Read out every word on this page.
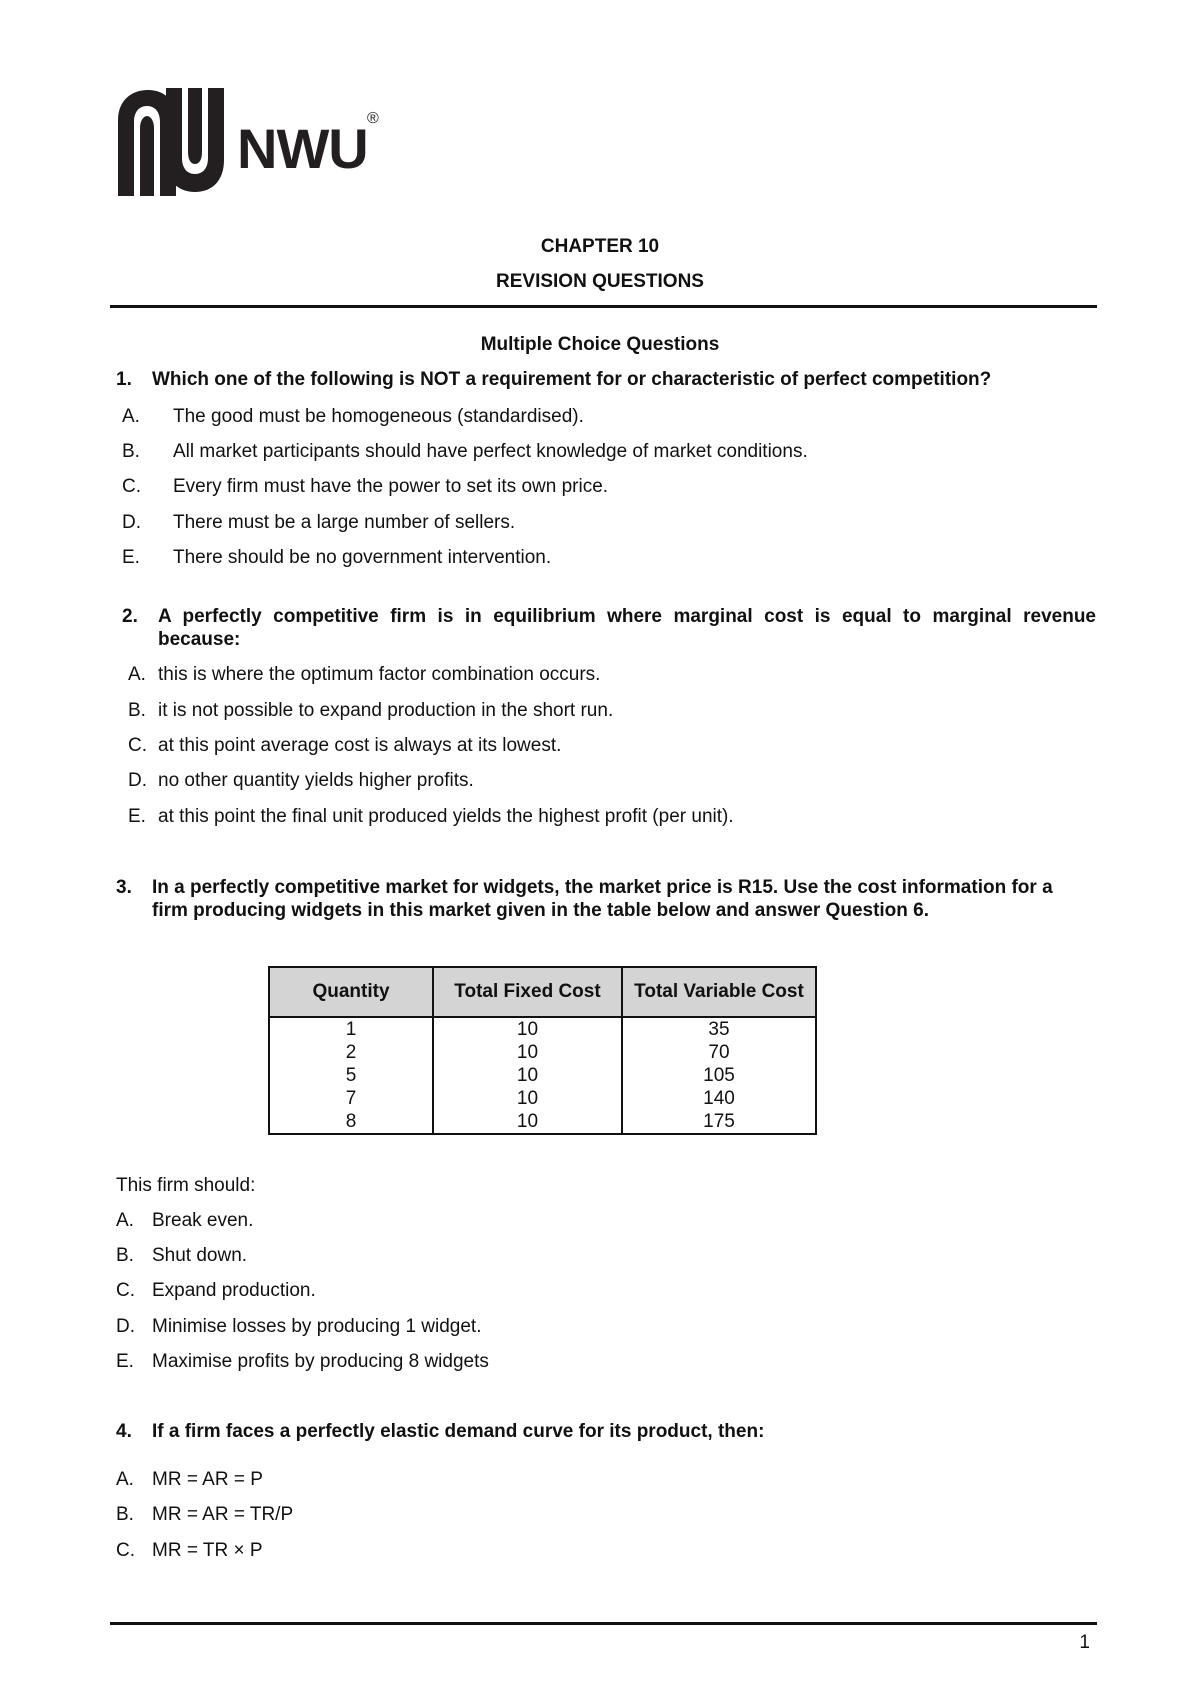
NWU ®
CHAPTER 10
REVISION QUESTIONS
Multiple Choice Questions
1. Which one of the following is NOT a requirement for or characteristic of perfect competition?
A. The good must be homogeneous (standardised).
B. All market participants should have perfect knowledge of market conditions.
C. Every firm must have the power to set its own price.
D. There must be a large number of sellers.
E. There should be no government intervention.
2. A perfectly competitive firm is in equilibrium where marginal cost is equal to marginal revenue because:
A. this is where the optimum factor combination occurs.
B. it is not possible to expand production in the short run.
C. at this point average cost is always at its lowest.
D. no other quantity yields higher profits.
E. at this point the final unit produced yields the highest profit (per unit).
3. In a perfectly competitive market for widgets, the market price is R15. Use the cost information for a firm producing widgets in this market given in the table below and answer Question 6.
Quantity	Total Fixed Cost	Total Variable Cost
1	10	35
2	10	70
5	10	105
7	10	140
8	10	175
This firm should:
A. Break even.
B. Shut down.
C. Expand production.
D. Minimise losses by producing 1 widget.
E. Maximise profits by producing 8 widgets
4. If a firm faces a perfectly elastic demand curve for its product, then:
A. MR = AR = P
B. MR = AR = TR/P
C. MR = TR × P
1
